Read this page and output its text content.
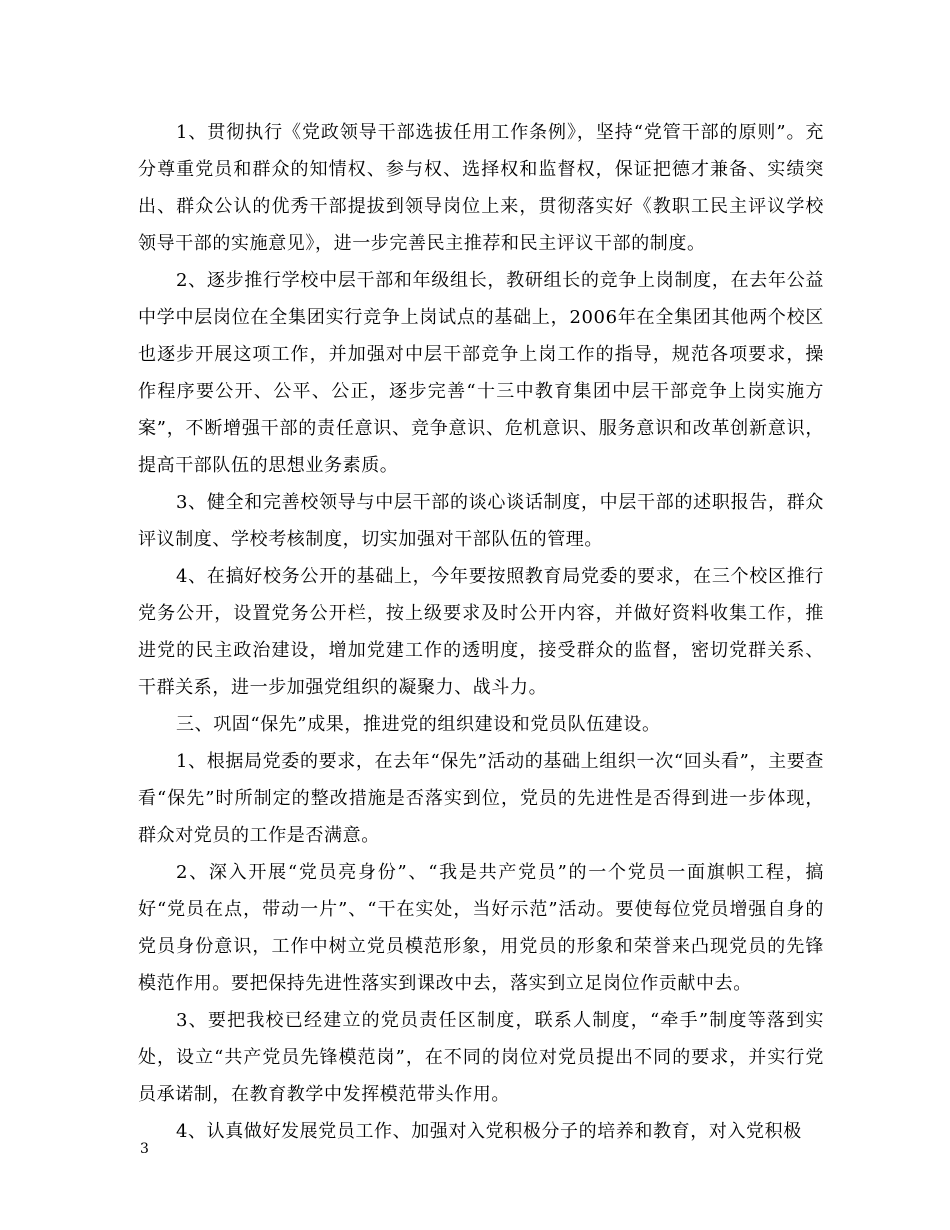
1、贯彻执行《党政领导干部选拔任用工作条例》，坚持“党管干部的原则”。充分尊重党员和群众的知情权、参与权、选择权和监督权，保证把德才兼备、实绩突出、群众公认的优秀干部提拔到领导岗位上来，贯彻落实好《教职工民主评议学校领导干部的实施意见》，进一步完善民主推荐和民主评议干部的制度。

2、逐步推行学校中层干部和年级组长，教研组长的竞争上岗制度，在去年公益中学中层岗位在全集团实行竞争上岗试点的基础上，2006年在全集团其他两个校区也逐步开展这项工作，并加强对中层干部竞争上岗工作的指导，规范各项要求，操作程序要公开、公平、公正，逐步完善“十三中教育集团中层干部竞争上岗实施方案”，不断增强干部的责任意识、竞争意识、危机意识、服务意识和改革创新意识，提高干部队伍的思想业务素质。

3、健全和完善校领导与中层干部的谈心谈话制度，中层干部的述职报告，群众评议制度、学校考核制度，切实加强对干部队伍的管理。

4、在搞好校务公开的基础上，今年要按照教育局党委的要求，在三个校区推行党务公开，设置党务公开栏，按上级要求及时公开内容，并做好资料收集工作，推进党的民主政治建设，增加党建工作的透明度，接受群众的监督，密切党群关系、干群关系，进一步加强党组织的凝聚力、战斗力。

三、巩固“保先”成果，推进党的组织建设和党员队伍建设。

1、根据局党委的要求，在去年“保先”活动的基础上组织一次“回头看”，主要查看“保先”时所制定的整改措施是否落实到位，党员的先进性是否得到进一步体现，群众对党员的工作是否满意。

2、深入开展“党员亮身份”、“我是共产党员”的一个党员一面旗帜工程，搞好“党员在点，带动一片”、“干在实处，当好示范”活动。要使每位党员增强自身的党员身份意识，工作中树立党员模范形象，用党员的形象和荣誉来凸现党员的先锋模范作用。要把保持先进性落实到课改中去，落实到立足岗位作贡献中去。

3、要把我校已经建立的党员责任区制度，联系人制度，“牵手”制度等落到实处，设立“共产党员先锋模范岗”，在不同的岗位对党员提出不同的要求，并实行党员承诺制，在教育教学中发挥模范带头作用。

4、认真做好发展党员工作、加强对入党积极分子的培养和教育，对入党积极

3
